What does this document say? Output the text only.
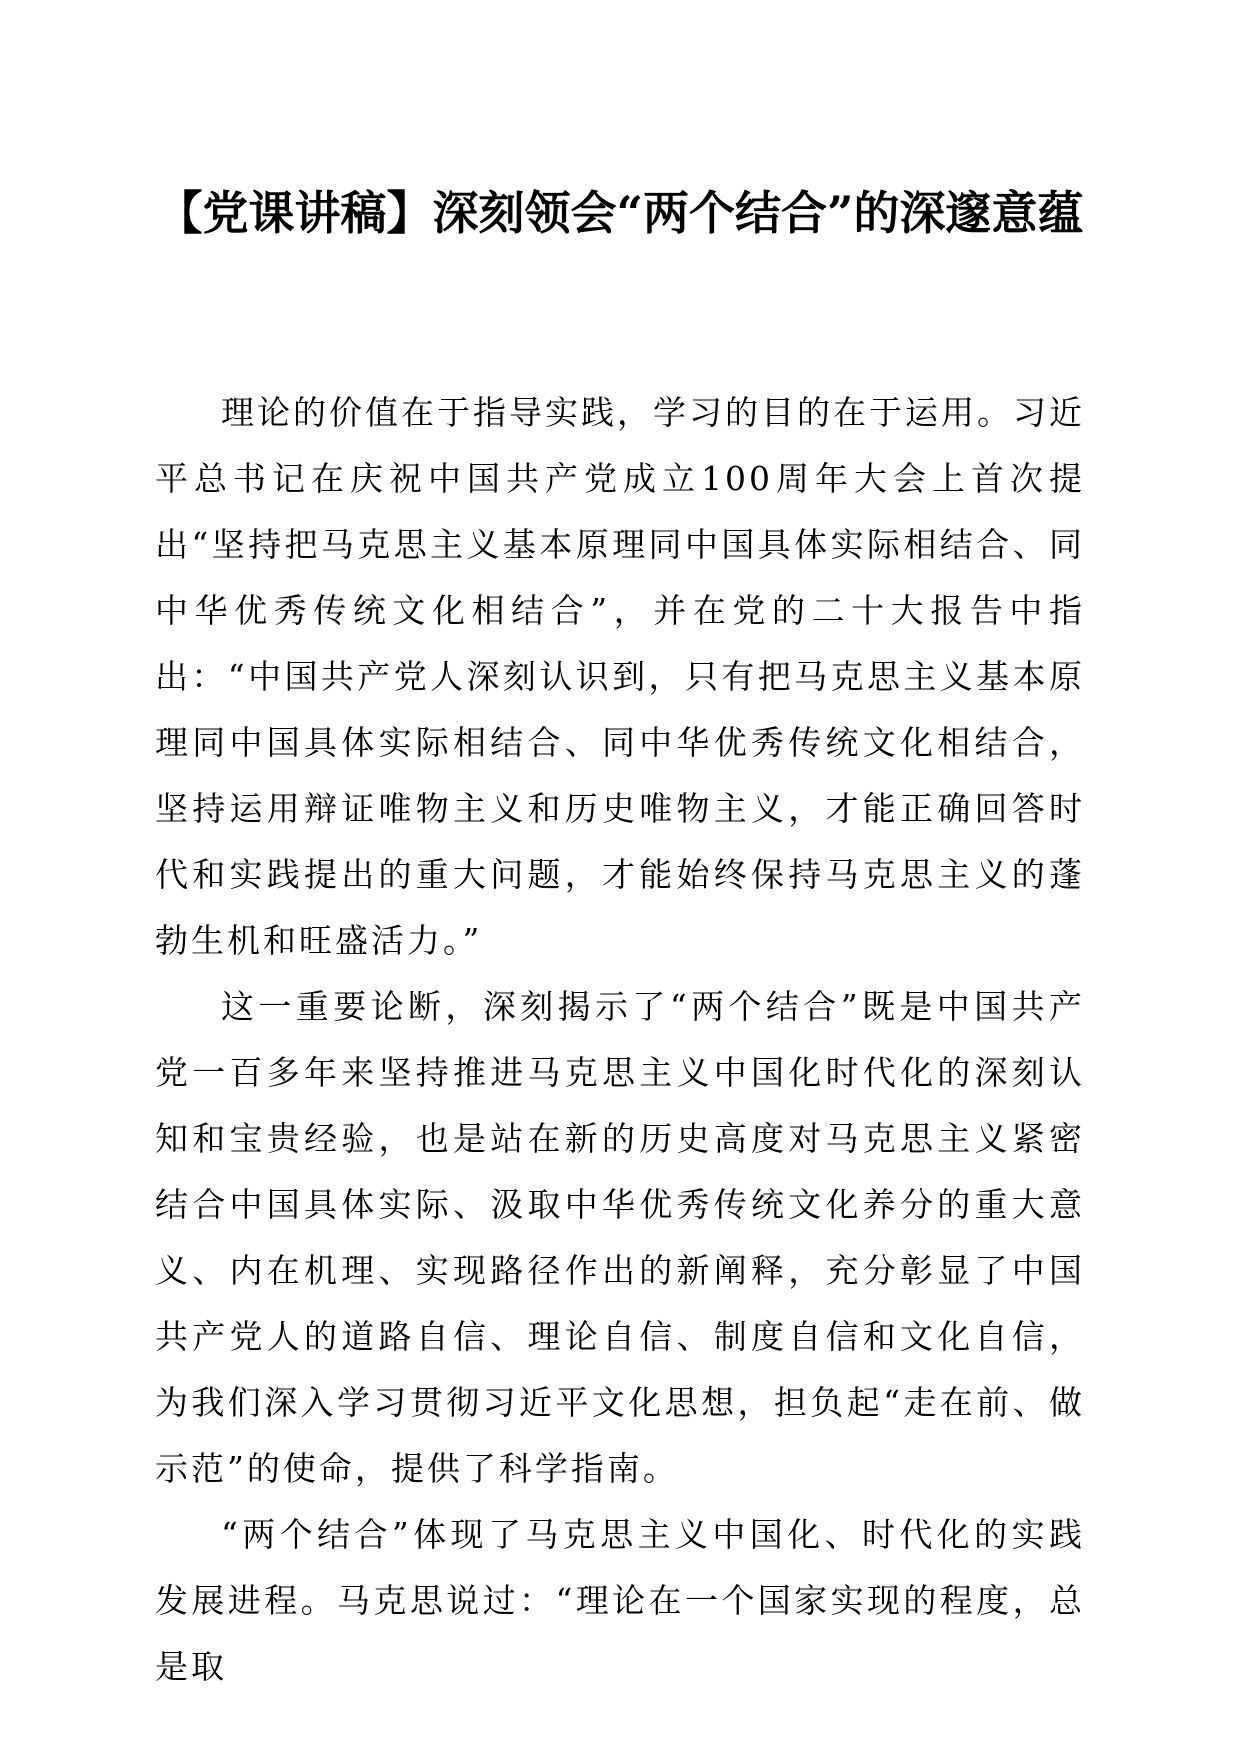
【党课讲稿】深刻领会“两个结合”的深邃意蕴

理论的价值在于指导实践，学习的目的在于运用。习近平总书记在庆祝中国共产党成立100周年大会上首次提出“坚持把马克思主义基本原理同中国具体实际相结合、同中华优秀传统文化相结合”，并在党的二十大报告中指出：“中国共产党人深刻认识到，只有把马克思主义基本原理同中国具体实际相结合、同中华优秀传统文化相结合，坚持运用辩证唯物主义和历史唯物主义，才能正确回答时代和实践提出的重大问题，才能始终保持马克思主义的蓬勃生机和旺盛活力。”

这一重要论断，深刻揭示了“两个结合”既是中国共产党一百多年来坚持推进马克思主义中国化时代化的深刻认知和宝贵经验，也是站在新的历史高度对马克思主义紧密结合中国具体实际、汲取中华优秀传统文化养分的重大意义、内在机理、实现路径作出的新阐释，充分彰显了中国共产党人的道路自信、理论自信、制度自信和文化自信，为我们深入学习贯彻习近平文化思想，担负起“走在前、做示范”的使命，提供了科学指南。

“两个结合”体现了马克思主义中国化、时代化的实践发展进程。马克思说过：“理论在一个国家实现的程度，总是取
